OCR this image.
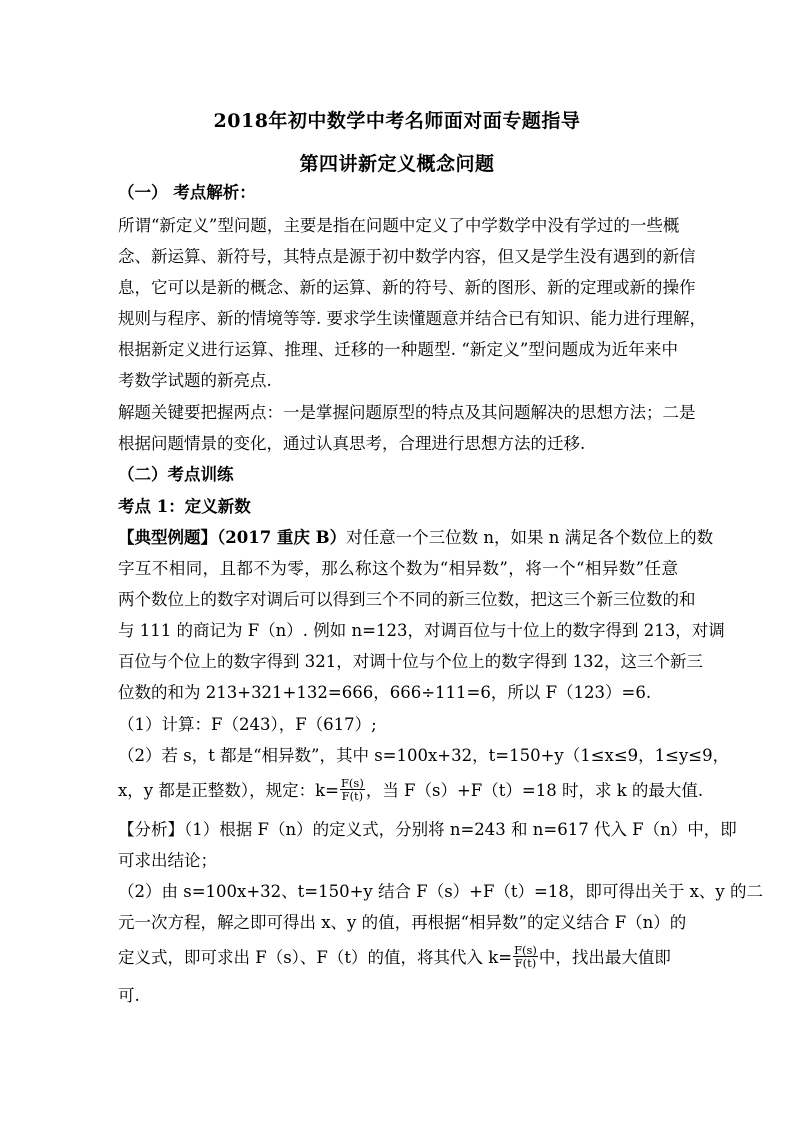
2018年初中数学中考名师面对面专题指导
第四讲新定义概念问题
（一） 考点解析：
所谓“新定义”型问题，主要是指在问题中定义了中学数学中没有学过的一些概
念、新运算、新符号，其特点是源于初中数学内容，但又是学生没有遇到的新信
息，它可以是新的概念、新的运算、新的符号、新的图形、新的定理或新的操作
规则与程序、新的情境等等. 要求学生读懂题意并结合已有知识、能力进行理解，
根据新定义进行运算、推理、迁移的一种题型. “新定义”型问题成为近年来中
考数学试题的新亮点.
解题关键要把握两点：一是掌握问题原型的特点及其问题解决的思想方法；二是
根据问题情景的变化，通过认真思考，合理进行思想方法的迁移.
（二）考点训练
考点 1：定义新数
【典型例题】（2017 重庆 B）对任意一个三位数 n，如果 n 满足各个数位上的数
字互不相同，且都不为零，那么称这个数为“相异数”，将一个“相异数”任意
两个数位上的数字对调后可以得到三个不同的新三位数，把这三个新三位数的和
与 111 的商记为 F（n）. 例如 n=123，对调百位与十位上的数字得到 213，对调
百位与个位上的数字得到 321，对调十位与个位上的数字得到 132，这三个新三
位数的和为 213+321+132=666，666÷111=6，所以 F（123）=6.
（1）计算：F（243），F（617）;
（2）若 s，t 都是“相异数”，其中 s=100x+32，t=150+y（1≤x≤9，1≤y≤9，
x，y 都是正整数），规定：$k= \frac{F(s)}{F(t)}$ ，当 F（s）+F（t）=18 时，求 k 的最大值.
【分析】（1）根据 F（n）的定义式，分别将 n=243 和 n=617 代入 F（n）中，即
可求出结论；
（2）由 s=100x+32、t=150+y 结合 F（s）+F（t）=18，即可得出关于 x、y 的二
元一次方程，解之即可得出 x、y 的值，再根据“相异数”的定义结合 F（n）的
定义式，即可求出 F（s）、F（t）的值，将其代入 $k= \frac{F(s)}{F(t)}$ 中，找出最大值即
可.
